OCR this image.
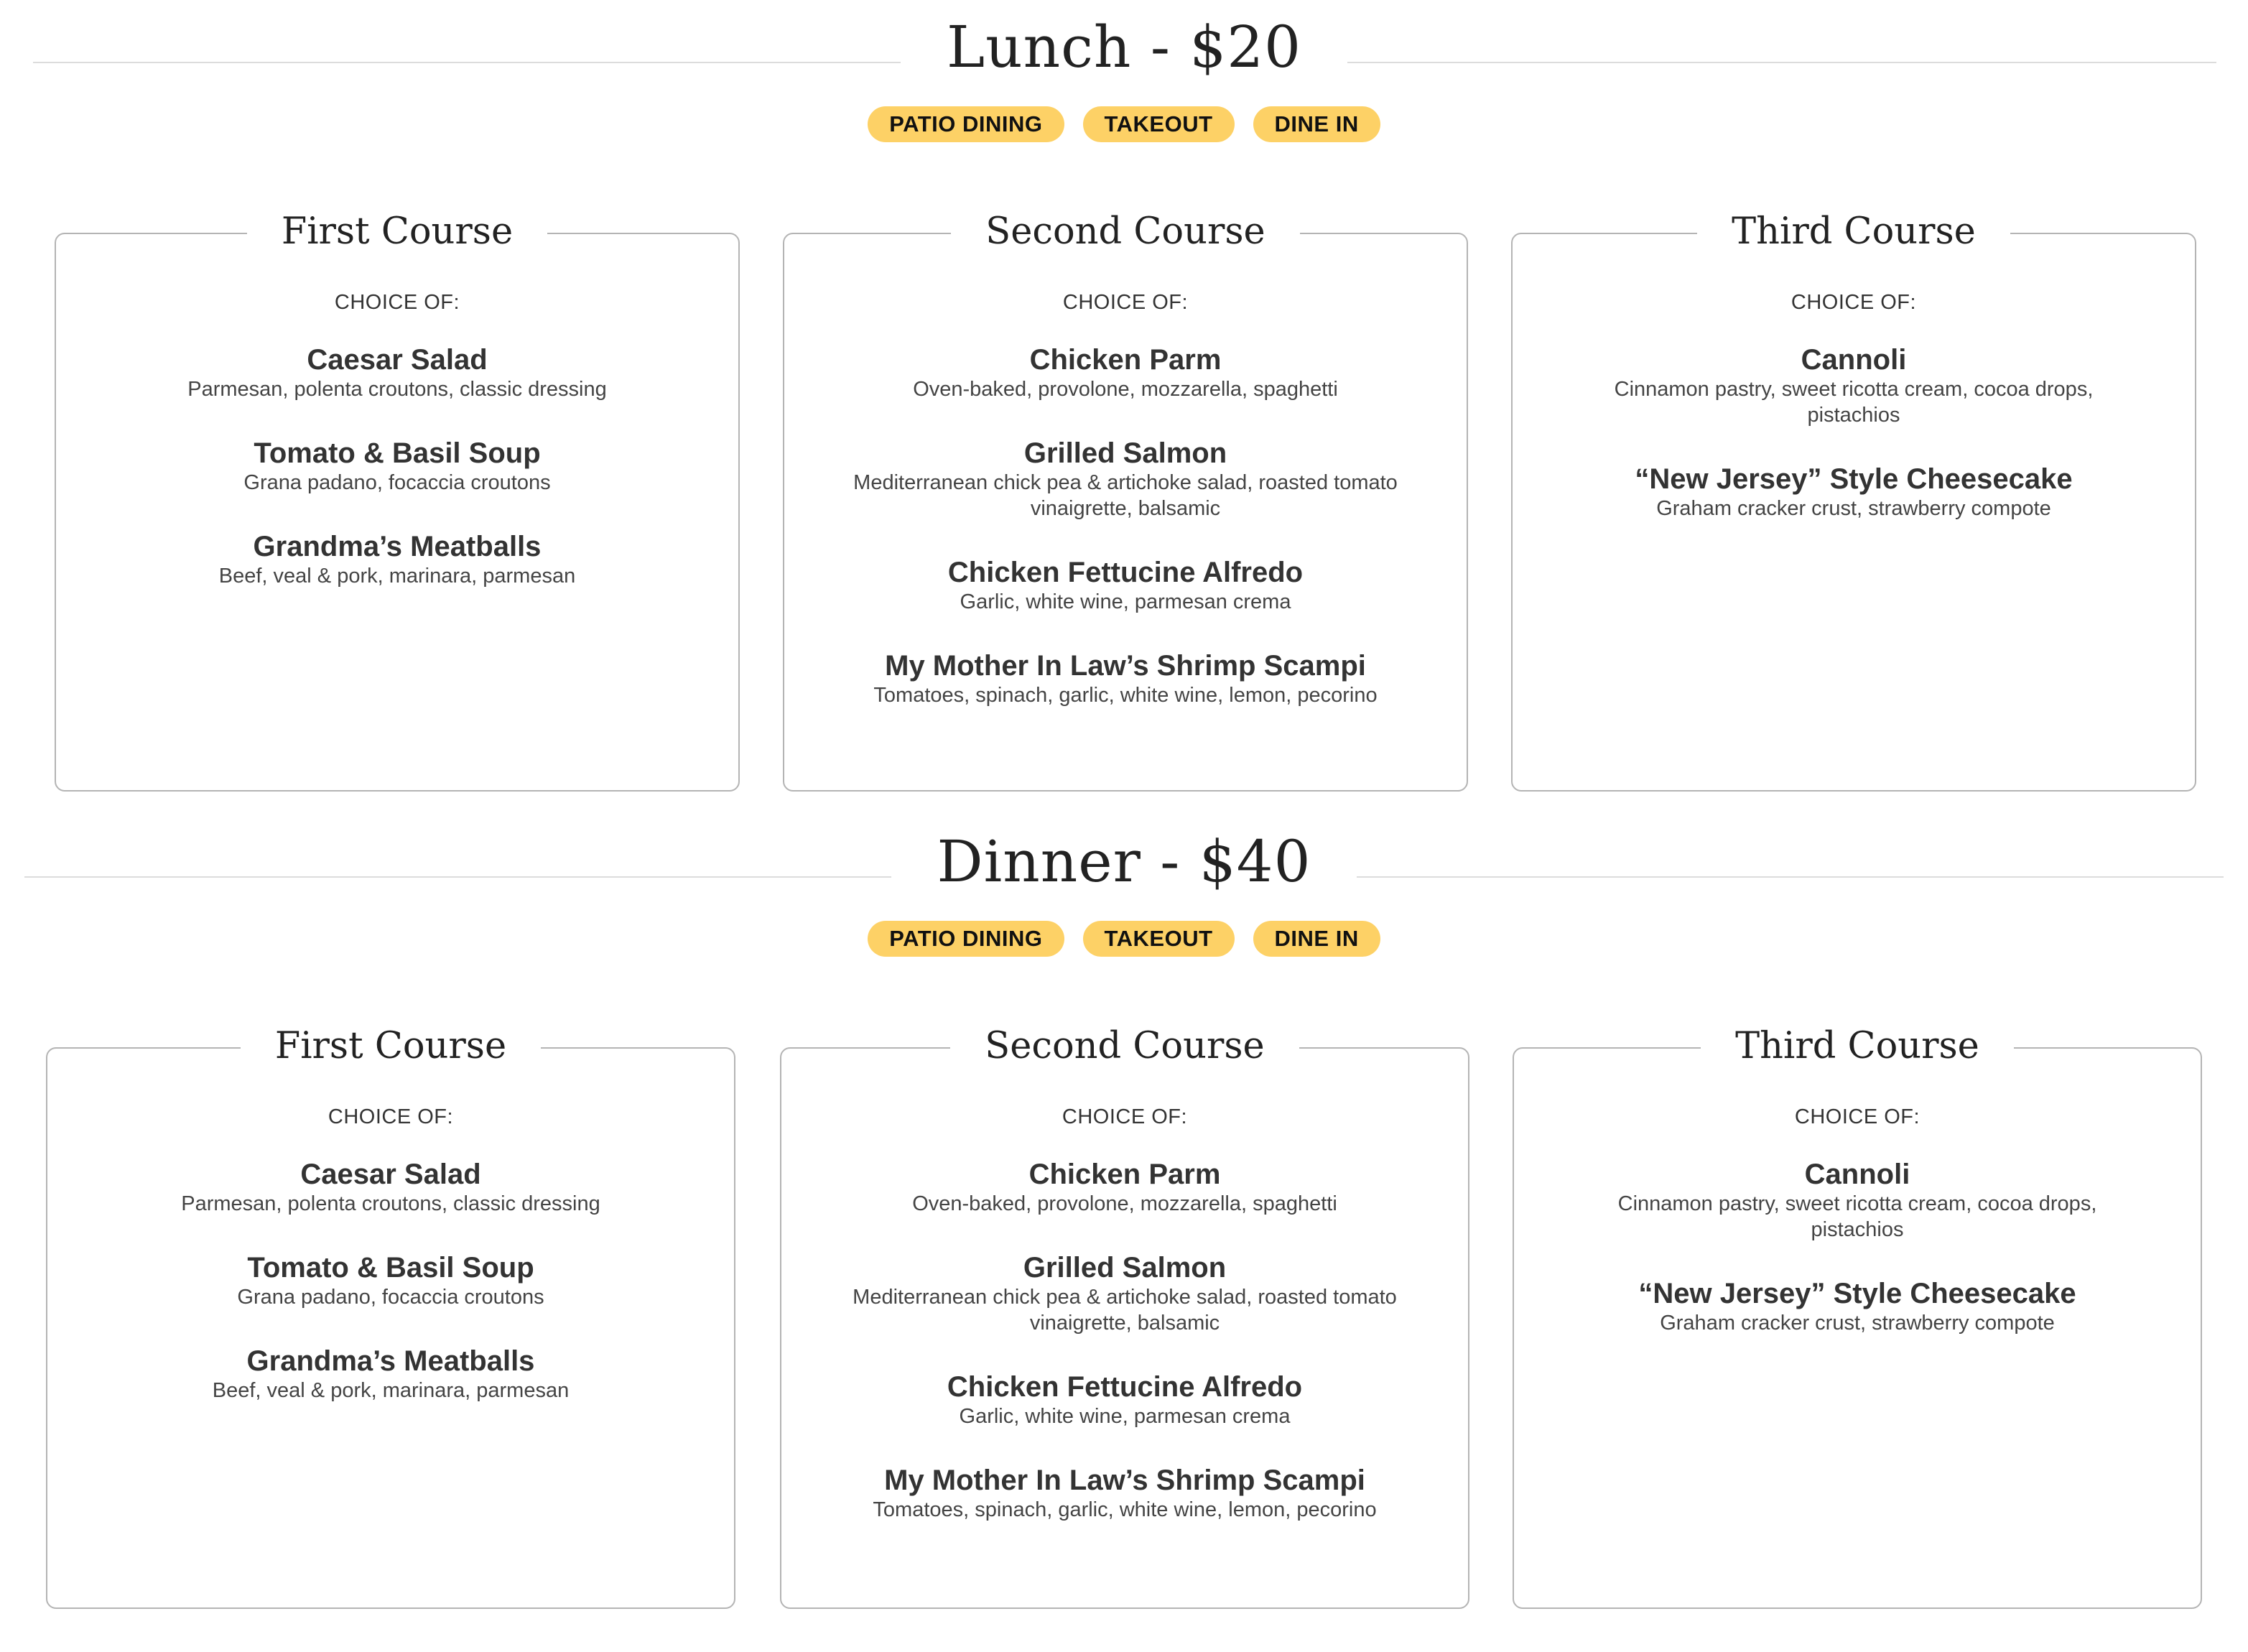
Lunch - $20
PATIO DINING	TAKEOUT	DINE IN
First Course
CHOICE OF:
Caesar Salad
Parmesan, polenta croutons, classic dressing
Tomato & Basil Soup
Grana padano, focaccia croutons
Grandma’s Meatballs
Beef, veal & pork, marinara, parmesan
Second Course
CHOICE OF:
Chicken Parm
Oven-baked, provolone, mozzarella, spaghetti
Grilled Salmon
Mediterranean chick pea & artichoke salad, roasted tomato vinaigrette, balsamic
Chicken Fettucine Alfredo
Garlic, white wine, parmesan crema
My Mother In Law’s Shrimp Scampi
Tomatoes, spinach, garlic, white wine, lemon, pecorino
Third Course
CHOICE OF:
Cannoli
Cinnamon pastry, sweet ricotta cream, cocoa drops, pistachios
“New Jersey” Style Cheesecake
Graham cracker crust, strawberry compote
Dinner - $40
PATIO DINING	TAKEOUT	DINE IN
First Course
CHOICE OF:
Caesar Salad
Parmesan, polenta croutons, classic dressing
Tomato & Basil Soup
Grana padano, focaccia croutons
Grandma’s Meatballs
Beef, veal & pork, marinara, parmesan
Second Course
CHOICE OF:
Chicken Parm
Oven-baked, provolone, mozzarella, spaghetti
Grilled Salmon
Mediterranean chick pea & artichoke salad, roasted tomato vinaigrette, balsamic
Chicken Fettucine Alfredo
Garlic, white wine, parmesan crema
My Mother In Law’s Shrimp Scampi
Tomatoes, spinach, garlic, white wine, lemon, pecorino
Third Course
CHOICE OF:
Cannoli
Cinnamon pastry, sweet ricotta cream, cocoa drops, pistachios
“New Jersey” Style Cheesecake
Graham cracker crust, strawberry compote
